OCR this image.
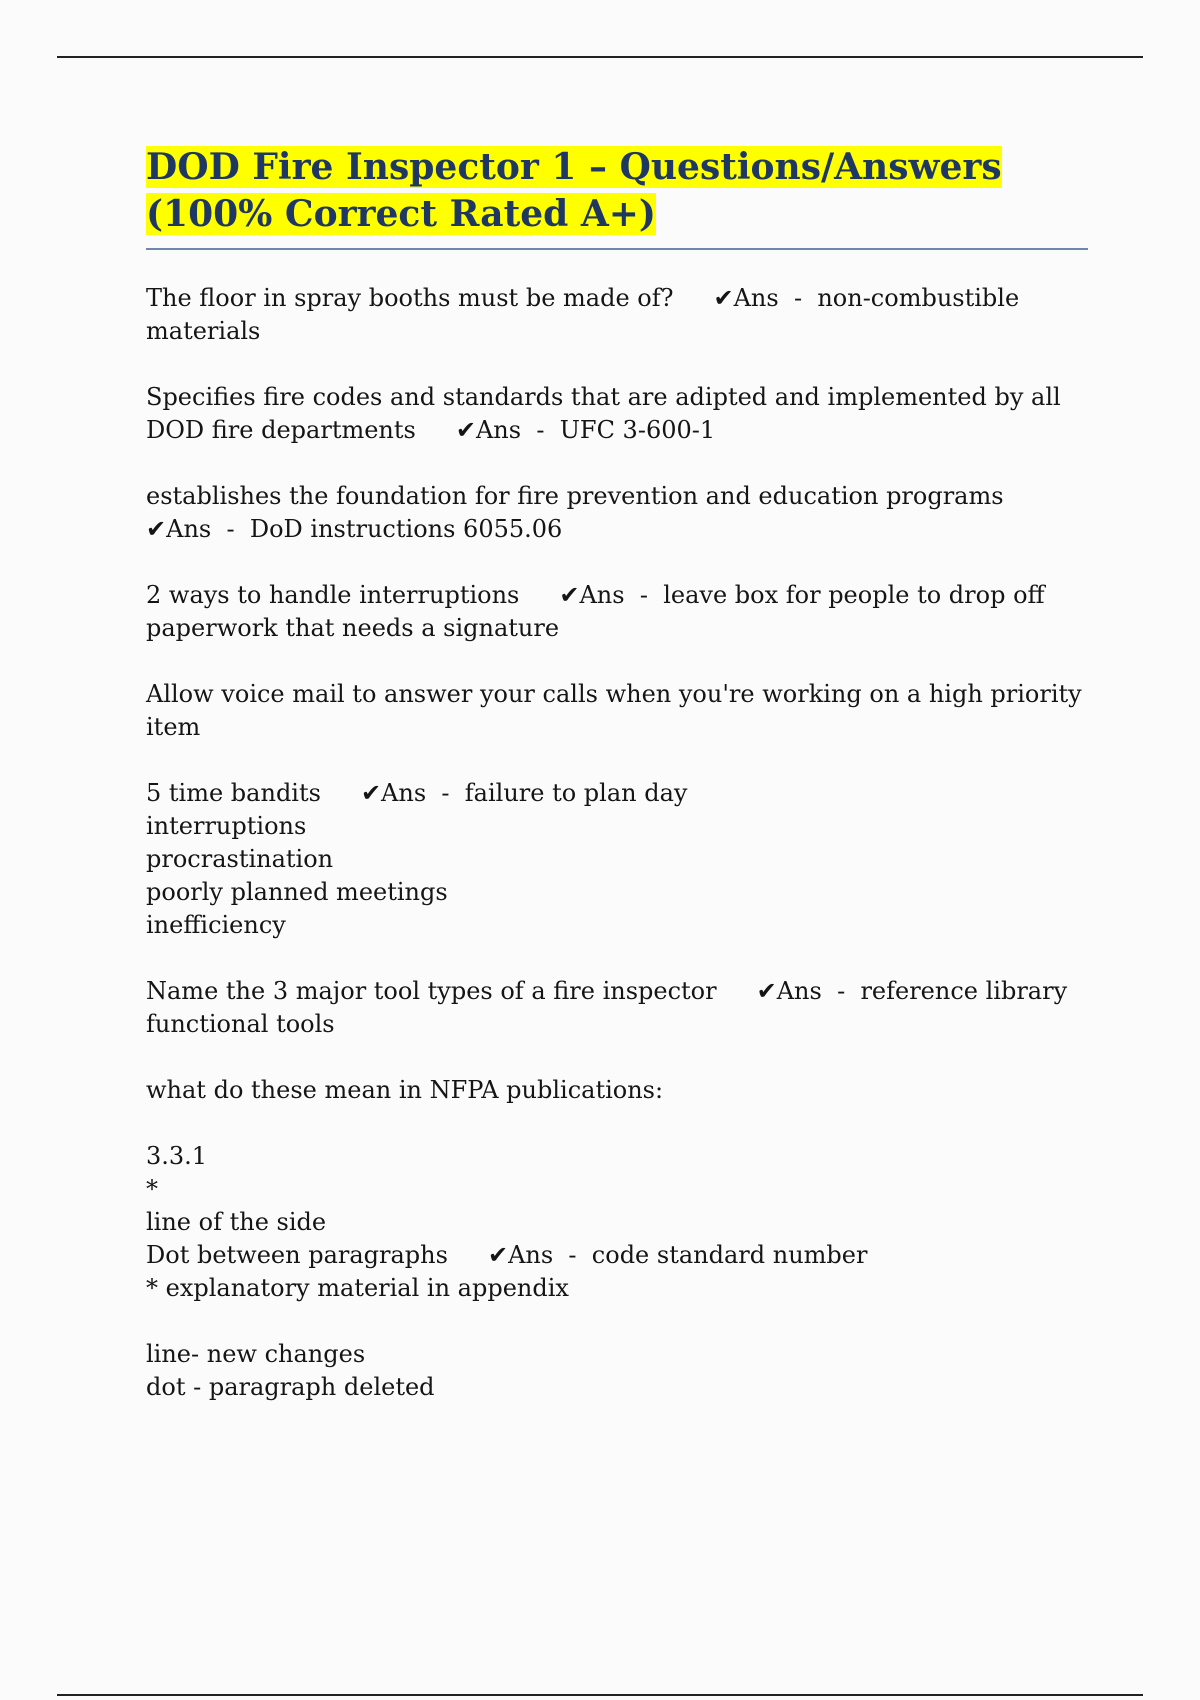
DOD Fire Inspector 1 – Questions/Answers
(100% Correct Rated A+)

The floor in spray booths must be made of? ✔Ans  -  non-combustible
materials

Specifies fire codes and standards that are adipted and implemented by all
DOD fire departments ✔Ans  -  UFC 3-600-1

establishes the foundation for fire prevention and education programs
✔Ans  -  DoD instructions 6055.06

2 ways to handle interruptions ✔Ans  -  leave box for people to drop off
paperwork that needs a signature

Allow voice mail to answer your calls when you're working on a high priority
item

5 time bandits ✔Ans  -  failure to plan day
interruptions
procrastination
poorly planned meetings
inefficiency

Name the 3 major tool types of a fire inspector ✔Ans  -  reference library
functional tools

what do these mean in NFPA publications:

3.3.1
*
line of the side
Dot between paragraphs ✔Ans  -  code standard number
* explanatory material in appendix

line- new changes
dot - paragraph deleted
